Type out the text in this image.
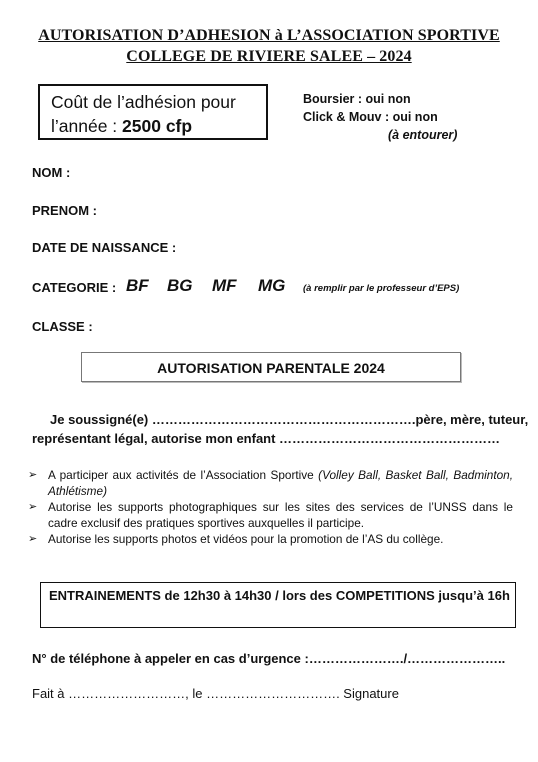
AUTORISATION D’ADHESION à L’ASSOCIATION SPORTIVE
COLLEGE DE RIVIERE SALEE – 2024
Coût de l’adhésion pour
l’année : 2500 cfp
Boursier : oui non
Click & Mouv : oui non
(à entourer)
NOM :
PRENOM :
DATE DE NAISSANCE :
CATEGORIE : BF BG MF MG (à remplir par le professeur d’EPS)
CLASSE :
AUTORISATION PARENTALE 2024
Je soussigné(e) …………………………………………………….père, mère, tuteur,
représentant légal, autorise mon enfant ……………………………………………
➢ A participer aux activités de l’Association Sportive (Volley Ball, Basket Ball, Badminton, Athlétisme)
➢ Autorise les supports photographiques sur les sites des services de l’UNSS dans le cadre exclusif des pratiques sportives auxquelles il participe.
➢ Autorise les supports photos et vidéos pour la promotion de l’AS du collège.
ENTRAINEMENTS de 12h30 à 14h30 / lors des COMPETITIONS jusqu’à 16h
N° de téléphone à appeler en cas d’urgence :…………………./…………………..
Fait à ………………………, le …………………………. Signature
